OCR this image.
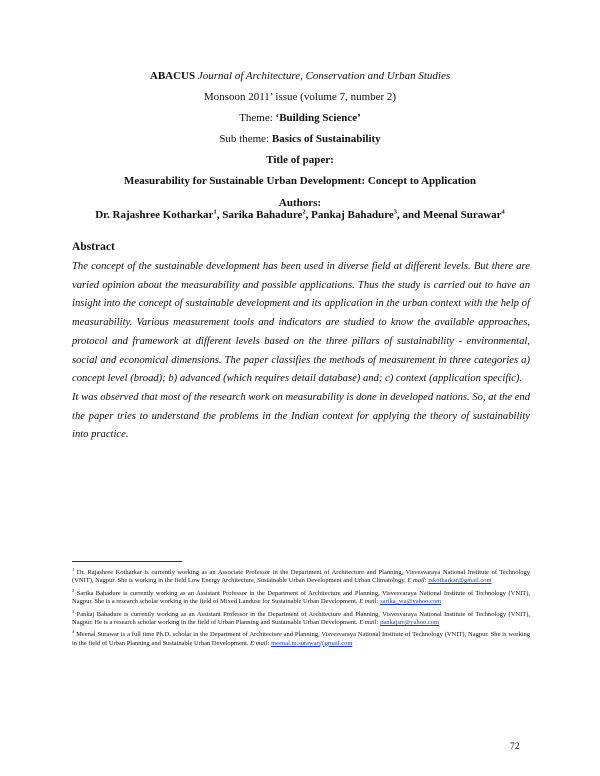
ABACUS Journal of Architecture, Conservation and Urban Studies
Monsoon 2011’ issue (volume 7, number 2)
Theme: ‘Building Science’
Sub theme: Basics of Sustainability
Title of paper:
Measurability for Sustainable Urban Development: Concept to Application
Authors:
Dr. Rajashree Kotharkar$^1$, Sarika Bahadure$^2$, Pankaj Bahadure$^3$, and Meenal Surawar$^4$
Abstract

The concept of the sustainable development has been used in diverse field at different levels. But there are varied opinion about the measurability and possible applications. Thus the study is carried out to have an insight into the concept of sustainable development and its application in the urban context with the help of measurability. Various measurement tools and indicators are studied to know the available approaches, protocol and framework at different levels based on the three pillars of sustainability - environmental, social and economical dimensions. The paper classifies the methods of measurement in three categories a) concept level (broad); b) advanced (which requires detail database) and; c) context (application specific).

It was observed that most of the research work on measurability is done in developed nations. So, at the end the paper tries to understand the problems in the Indian context for applying the theory of sustainability into practice.

$^1$ Dr. Rajashree Kotharkar is currently working as an Associate Professor in the Department of Architecture and Planning, Visvesvaraya National Institute of Technology (VNIT), Nagpur. She is working in the field Low Energy Architecture, Sustainable Urban Development and Urban Climatology. E mail: rskotharkar@gmail.com

$^2$ Sarika Bahadure is currently working as an Assistant Professor in the Department of Architecture and Planning, Visvesvaraya National Institute of Technology (VNIT), Nagpur. She is a research scholar working in the field of Mixed Landuse for Sustainable Urban Development. E mail: sarika_wa@yahoo.com

$^3$ Pankaj Bahadure is currently working as an Assistant Professor in the Department of Architecture and Planning, Visvesvaraya National Institute of Technology (VNIT), Nagpur. He is a research scholar working in the field of Urban Planning and Sustainable Urban Development. E mail: pankajsrr@yahoo.com

$^4$ Meenal Surawar is a full time Ph.D. scholar in the Department of Architecture and Planning, Visvesvaraya National Institute of Technology (VNIT), Nagpur. She is working in the field of Urban Planning and Sustainable Urban Development. E mail: meenal.m.surawar@gmail.com

72
